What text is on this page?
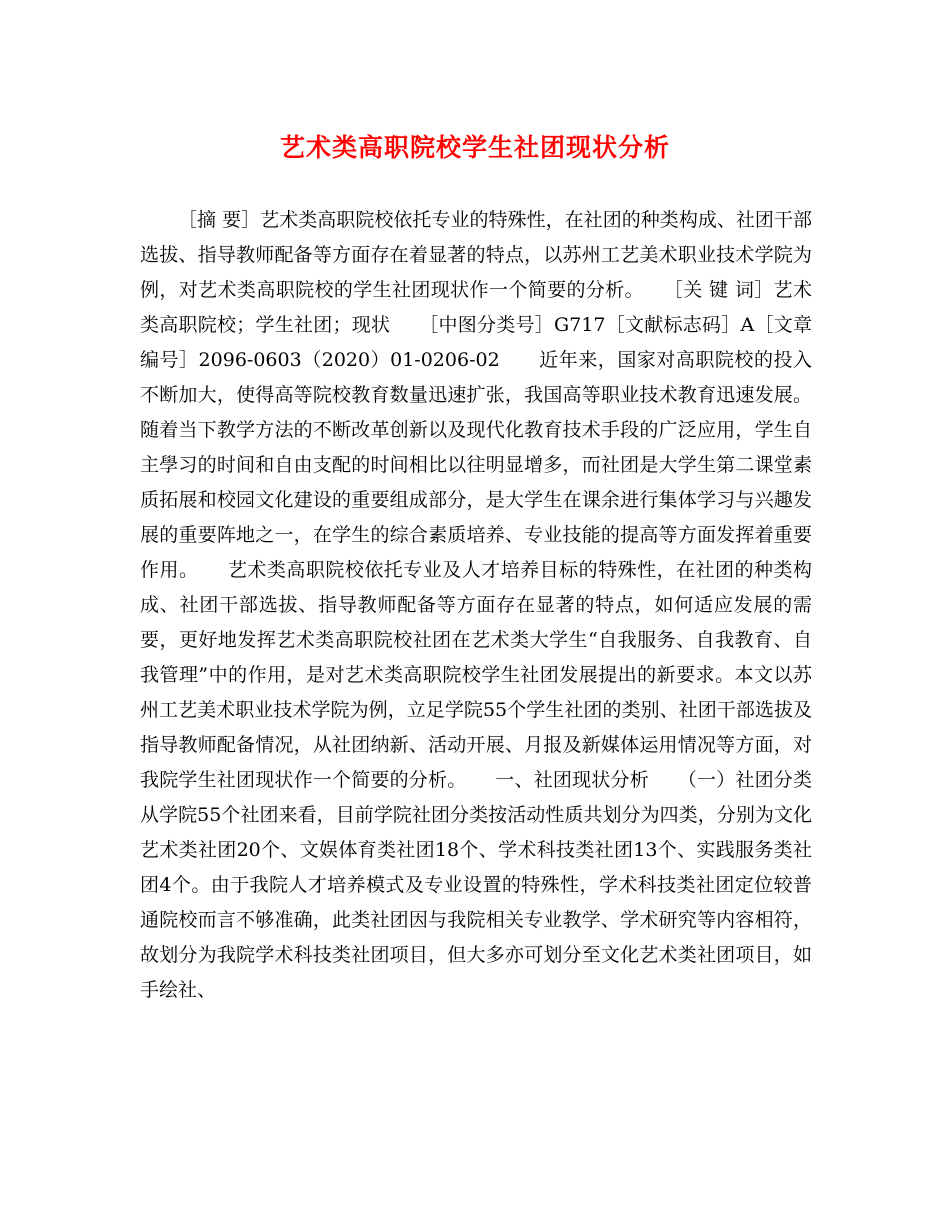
艺术类高职院校学生社团现状分析

［摘 要］艺术类高职院校依托专业的特殊性，在社团的种类构成、社团干部选拔、指导教师配备等方面存在着显著的特点，以苏州工艺美术职业技术学院为例，对艺术类高职院校的学生社团现状作一个简要的分析。　　［关 键 词］艺术类高职院校；学生社团；现状　　［中图分类号］G717［文献标志码］A［文章编号］2096-0603（2020）01-0206-02　　近年来，国家对高职院校的投入不断加大，使得高等院校教育数量迅速扩张，我国高等职业技术教育迅速发展。随着当下教学方法的不断改革创新以及现代化教育技术手段的广泛应用，学生自主學习的时间和自由支配的时间相比以往明显增多，而社团是大学生第二课堂素质拓展和校园文化建设的重要组成部分，是大学生在课余进行集体学习与兴趣发展的重要阵地之一，在学生的综合素质培养、专业技能的提高等方面发挥着重要作用。　　艺术类高职院校依托专业及人才培养目标的特殊性，在社团的种类构成、社团干部选拔、指导教师配备等方面存在显著的特点，如何适应发展的需要，更好地发挥艺术类高职院校社团在艺术类大学生“自我服务、自我教育、自我管理”中的作用，是对艺术类高职院校学生社团发展提出的新要求。本文以苏州工艺美术职业技术学院为例，立足学院55个学生社团的类别、社团干部选拔及指导教师配备情况，从社团纳新、活动开展、月报及新媒体运用情况等方面，对我院学生社团现状作一个简要的分析。　　一、社团现状分析　　（一）社团分类　　从学院55个社团来看，目前学院社团分类按活动性质共划分为四类，分别为文化艺术类社团20个、文娱体育类社团18个、学术科技类社团13个、实践服务类社团4个。由于我院人才培养模式及专业设置的特殊性，学术科技类社团定位较普通院校而言不够准确，此类社团因与我院相关专业教学、学术研究等内容相符，故划分为我院学术科技类社团项目，但大多亦可划分至文化艺术类社团项目，如手绘社、
